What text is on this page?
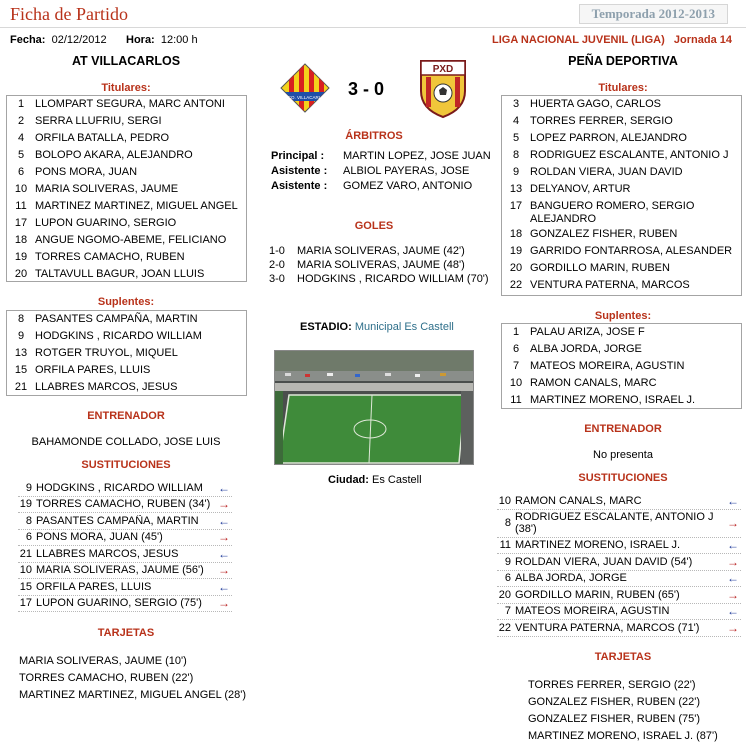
Ficha de Partido	Temporada 2012-2013
Fecha: 02/12/2012 Hora: 12:00 h	LIGA NACIONAL JUVENIL (LIGA) Jornada 14
AT VILLACARLOS	PEÑA DEPORTIVA
ATCO. VILLACARLOS 3 - 0
PXD
Titulares:
1 LLOMPART SEGURA, MARC ANTONI
2 SERRA LLUFRIU, SERGI
4 ORFILA BATALLA, PEDRO
5 BOLOPO AKARA, ALEJANDRO
6 PONS MORA, JUAN
10 MARIA SOLIVERAS, JAUME
11 MARTINEZ MARTINEZ, MIGUEL ANGEL
17 LUPON GUARINO, SERGIO
18 ANGUE NGOMO-ABEME, FELICIANO
19 TORRES CAMACHO, RUBEN
20 TALTAVULL BAGUR, JOAN LLUIS
Suplentes:
8 PASANTES CAMPAÑA, MARTIN
9 HODGKINS , RICARDO WILLIAM
13 ROTGER TRUYOL, MIQUEL
15 ORFILA PARES, LLUIS
21 LLABRES MARCOS, JESUS
ENTRENADOR
BAHAMONDE COLLADO, JOSE LUIS
SUSTITUCIONES
9 HODGKINS , RICARDO WILLIAM	←
19 TORRES CAMACHO, RUBEN (34') →
8 PASANTES CAMPAÑA, MARTIN	←
6 PONS MORA, JUAN (45')	→
21 LLABRES MARCOS, JESUS	←
10 MARIA SOLIVERAS, JAUME (56')	→
15 ORFILA PARES, LLUIS	←
17 LUPON GUARINO, SERGIO (75')	→
TARJETAS
MARIA SOLIVERAS, JAUME (10')
TORRES CAMACHO, RUBEN (22')
MARTINEZ MARTINEZ, MIGUEL ANGEL (28')
ÁRBITROS
Principal :	MARTIN LOPEZ, JOSE JUAN
Asistente :	ALBIOL PAYERAS, JOSE
Asistente :	GOMEZ VARO, ANTONIO
GOLES
1-0	MARIA SOLIVERAS, JAUME (42')
2-0	MARIA SOLIVERAS, JAUME (48')
3-0	HODGKINS , RICARDO WILLIAM (70')
ESTADIO: Municipal Es Castell
Ciudad: Es Castell
Titulares:
3 HUERTA GAGO, CARLOS
4 TORRES FERRER, SERGIO
5 LOPEZ PARRON, ALEJANDRO
8 RODRIGUEZ ESCALANTE, ANTONIO J
9 ROLDAN VIERA, JUAN DAVID
13 DELYANOV, ARTUR
17 BANGUERO ROMERO, SERGIO ALEJANDRO
18 GONZALEZ FISHER, RUBEN
19 GARRIDO FONTARROSA, ALESANDER
20 GORDILLO MARIN, RUBEN
22 VENTURA PATERNA, MARCOS
Suplentes:
1 PALAU ARIZA, JOSE F
6 ALBA JORDA, JORGE
7 MATEOS MOREIRA, AGUSTIN
10 RAMON CANALS, MARC
11 MARTINEZ MORENO, ISRAEL J.
ENTRENADOR
No presenta
SUSTITUCIONES
10 RAMON CANALS, MARC	←
8 RODRIGUEZ ESCALANTE, ANTONIO J (38')	→
11 MARTINEZ MORENO, ISRAEL J.	←
9 ROLDAN VIERA, JUAN DAVID (54')	→
6 ALBA JORDA, JORGE	←
20 GORDILLO MARIN, RUBEN (65')	→
7 MATEOS MOREIRA, AGUSTIN	←
22 VENTURA PATERNA, MARCOS (71')	→
TARJETAS
TORRES FERRER, SERGIO (22')
GONZALEZ FISHER, RUBEN (22')
GONZALEZ FISHER, RUBEN (75')
MARTINEZ MORENO, ISRAEL J. (87')
